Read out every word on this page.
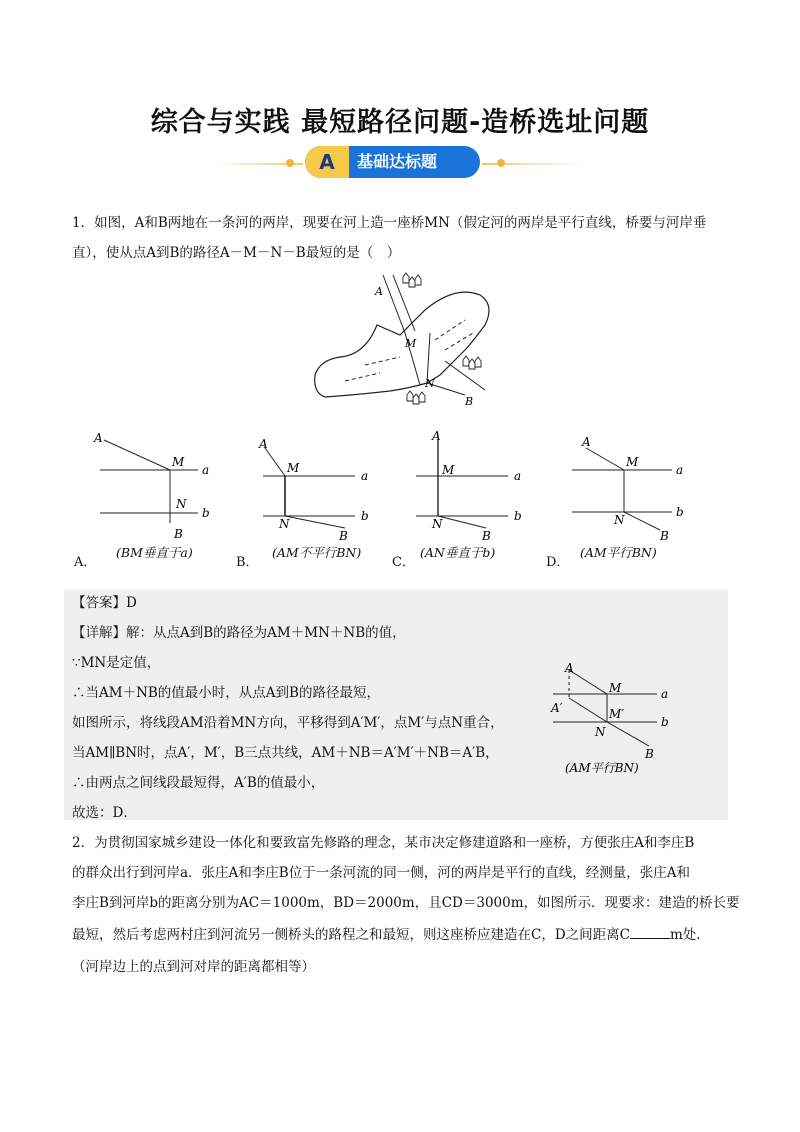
综合与实践 最短路径问题-造桥选址问题
A	基础达标题
1．如图，A和B两地在一条河的两岸，现要在河上造一座桥MN（假定河的两岸是平行直线，桥要与河岸垂
直），使从点A到B的路径A－M－N－B最短的是（　）
A
M
N
B
A
M
a
N
b
B
A．
(BM垂直于a)
A
M
a
N
b
B
B．
(AM不平行BN)
A
M	a
N
b
B
C．
(AN垂直于b)
A
M
a
N
b
B
D．
(AM平行BN)
【答案】D
【详解】解：从点A到B的路径为AM＋MN＋NB的值，
∵MN是定值，
∴当AM＋NB的值最小时，从点A到B的路径最短，
如图所示，将线段AM沿着MN方向，平移得到A′M′，点M′与点N重合，
当AM∥BN时，点A′，M′，B三点共线，AM＋NB＝A′M′＋NB＝A′B，
∴由两点之间线段最短得，A′B的值最小，
故选：D．
A
A′
M
M′
a
b
N
B
(AM平行BN)
2．为贯彻国家城乡建设一体化和要致富先修路的理念，某市决定修建道路和一座桥，方便张庄A和李庄B
的群众出行到河岸a．张庄A和李庄B位于一条河流的同一侧，河的两岸是平行的直线，经测量，张庄A和
李庄B到河岸b的距离分别为AC＝1000m，BD＝2000m，且CD＝3000m，如图所示．现要求：建造的桥长要
最短，然后考虑两村庄到河流另一侧桥头的路程之和最短，则这座桥应建造在C，D之间距离C	m处．
（河岸边上的点到河对岸的距离都相等）
